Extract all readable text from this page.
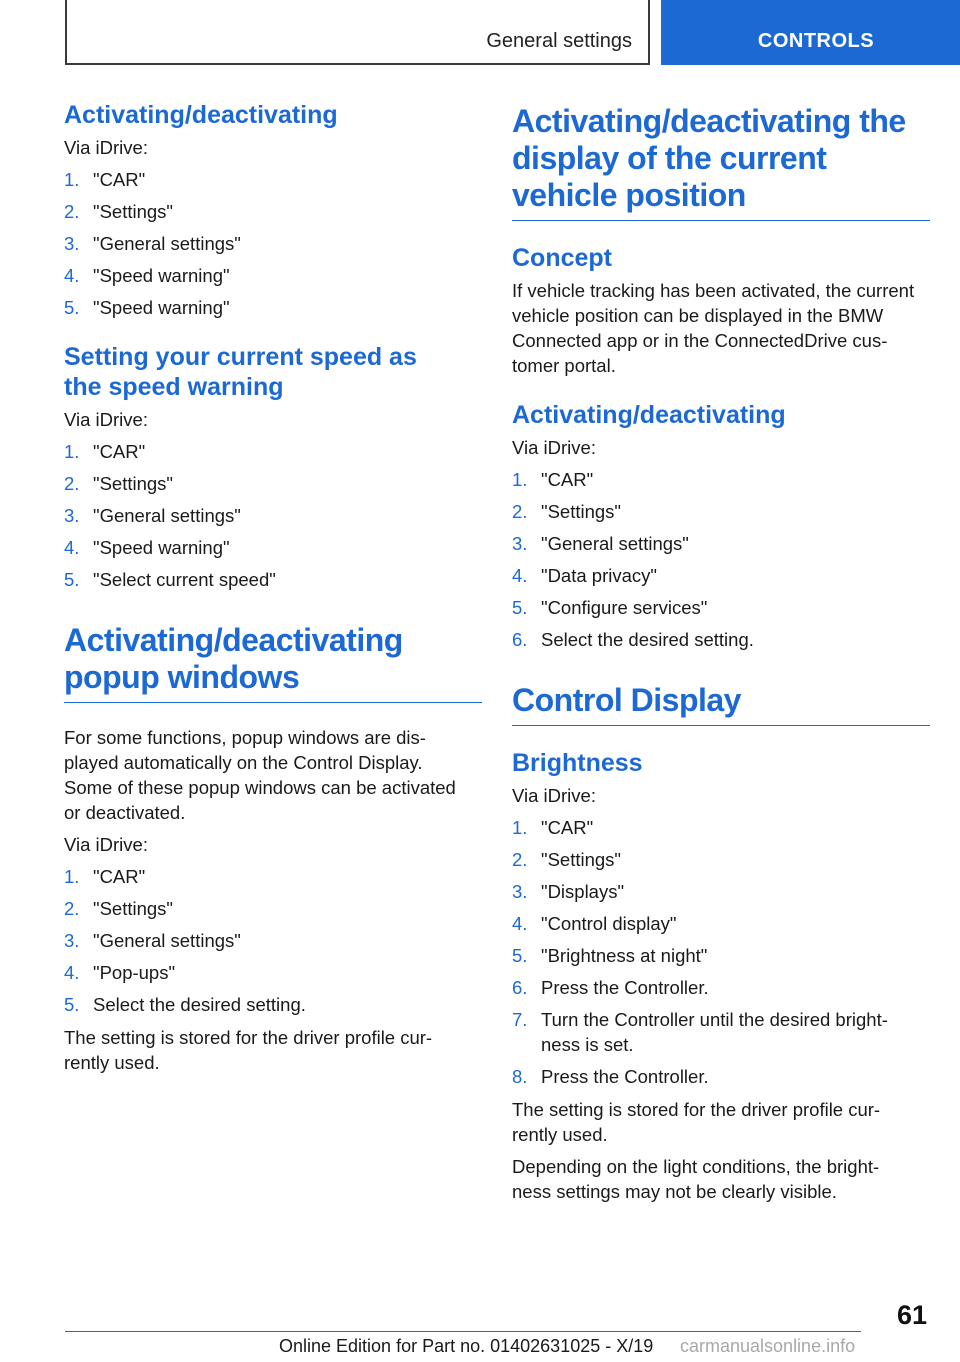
General settings	CONTROLS
Activating/deactivating
Via iDrive:
1. "CAR"
2. "Settings"
3. "General settings"
4. "Speed warning"
5. "Speed warning"
Setting your current speed as
the speed warning
Via iDrive:
1. "CAR"
2. "Settings"
3. "General settings"
4. "Speed warning"
5. "Select current speed"
Activating/deactivating
popup windows
For some functions, popup windows are dis-
played automatically on the Control Display.
Some of these popup windows can be activated
or deactivated.
Via iDrive:
1. "CAR"
2. "Settings"
3. "General settings"
4. "Pop-ups"
5. Select the desired setting.
The setting is stored for the driver profile cur-
rently used.
Activating/deactivating the
display of the current
vehicle position
Concept
If vehicle tracking has been activated, the current
vehicle position can be displayed in the BMW
Connected app or in the ConnectedDrive cus-
tomer portal.
Activating/deactivating
Via iDrive:
1. "CAR"
2. "Settings"
3. "General settings"
4. "Data privacy"
5. "Configure services"
6. Select the desired setting.
Control Display
Brightness
Via iDrive:
1. "CAR"
2. "Settings"
3. "Displays"
4. "Control display"
5. "Brightness at night"
6. Press the Controller.
7. Turn the Controller until the desired bright-
ness is set.
8. Press the Controller.
The setting is stored for the driver profile cur-
rently used.
Depending on the light conditions, the bright-
ness settings may not be clearly visible.
61
Online Edition for Part no. 01402631025 - X/19 carmanualsonline.info
